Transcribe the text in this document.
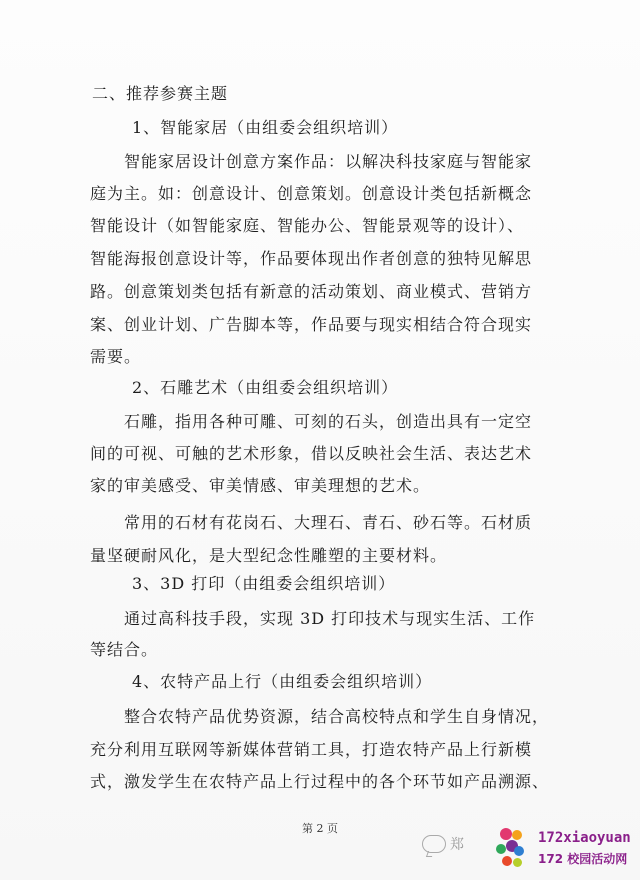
二、推荐参赛主题
1、智能家居（由组委会组织培训）
智能家居设计创意方案作品：以解决科技家庭与智能家
庭为主。如：创意设计、创意策划。创意设计类包括新概念
智能设计（如智能家庭、智能办公、智能景观等的设计）、
智能海报创意设计等，作品要体现出作者创意的独特见解思
路。创意策划类包括有新意的活动策划、商业模式、营销方
案、创业计划、广告脚本等，作品要与现实相结合符合现实
需要。
2、石雕艺术（由组委会组织培训）
石雕，指用各种可雕、可刻的石头，创造出具有一定空
间的可视、可触的艺术形象，借以反映社会生活、表达艺术
家的审美感受、审美情感、审美理想的艺术。
常用的石材有花岗石、大理石、青石、砂石等。石材质
量坚硬耐风化，是大型纪念性雕塑的主要材料。
3、3D 打印（由组委会组织培训）
通过高科技手段，实现 3D 打印技术与现实生活、工作
等结合。
4、农特产品上行（由组委会组织培训）
整合农特产品优势资源，结合高校特点和学生自身情况，
充分利用互联网等新媒体营销工具，打造农特产品上行新模
式，激发学生在农特产品上行过程中的各个环节如产品溯源、
第 2 页
郑	172xiaoyuan
172 校园活动网
